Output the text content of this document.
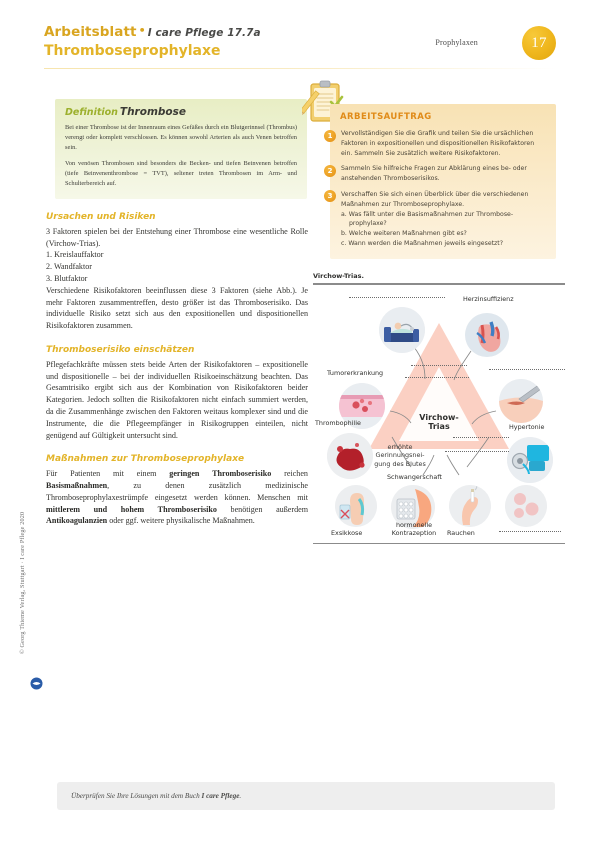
Arbeitsblatt • I care Pflege 17.7a
Thromboseprophylaxe
Prophylaxen	17
Definition Thrombose

Bei einer Thrombose ist der Innenraum eines Gefäßes durch ein Blutgerinnsel (Thrombus) verengt oder komplett verschlossen. Es können sowohl Arterien als auch Venen betroffen sein.

Von venösen Thrombosen sind besonders die Becken- und tiefen Beinvenen betroffen (tiefe Beinvenenthrombose = TVT), seltener treten Thrombosen im Arm- und Schulterbereich auf.

ARBEITSAUFTRAG
1	Vervollständigen Sie die Grafik und teilen Sie die ursächlichen Faktoren in expositionellen und dispositionellen Risikofaktoren ein. Sammeln Sie zusätzlich weitere Risikofaktoren.
2	Sammeln Sie hilfreiche Fragen zur Abklärung eines be- oder anstehenden Thromboserisikos.
3	Verschaffen Sie sich einen Überblick über die verschiedenen Maßnahmen zur Thromboseprophylaxe.
a. Was fällt unter die Basismaßnahmen zur Thrombose-
prophylaxe?
b. Welche weiteren Maßnahmen gibt es?
c. Wann werden die Maßnahmen jeweils eingesetzt?
Ursachen und Risiken

3 Faktoren spielen bei der Entstehung einer Thrombose eine wesentliche Rolle (Virchow-Trias).

1. Kreislauffaktor
2. Wandfaktor
3. Blutfaktor

Verschiedene Risikofaktoren beeinflussen diese 3 Faktoren (siehe Abb.). Je mehr Faktoren zusammentreffen, desto größer ist das Thromboserisiko. Das individuelle Risiko setzt sich aus den expositionellen und dispositionellen Risikofaktoren zusammen.

Thromboserisiko einschätzen

Pflegefachkräfte müssen stets beide Arten der Risikofaktoren – expositionelle und dispositionelle – bei der individuellen Risikoeinschätzung beachten. Das Gesamtrisiko ergibt sich aus der Kombination von Risikofaktoren beider Kategorien. Jedoch sollten die Risikofaktoren nicht einfach summiert werden, da die Zusammenhänge zwischen den Faktoren weitaus komplexer sind und die Instrumente, die die Pflegeempfänger in Risikogruppen einteilen, nicht genügend auf Gültigkeit untersucht sind.

Maßnahmen zur Thromboseprophylaxe

Für Patienten mit einem geringen Thromboserisiko reichen Basismaßnahmen, zu denen zusätzlich medizinische Thromboseprophylaxestrümpfe eingesetzt werden können. Menschen mit mittlerem und hohem Thromboserisiko benötigen außerdem Antikoagulanzien oder ggf. weitere physikalische Maßnahmen.

Virchow-Trias.
Herzinsuffizienz
Tumorerkrankung
Thrombophilie	Hypertonie
Virchow-
Trias
erhöhte
Gerinnungsnei-
gung des Blutes
Schwangerschaft
Exsikkose
hormonelle
Kontrazeption	Rauchen
© Georg Thieme Verlag, Stuttgart · I care Pflege 2020
Überprüfen Sie Ihre Lösungen mit dem Buch I care Pflege.
